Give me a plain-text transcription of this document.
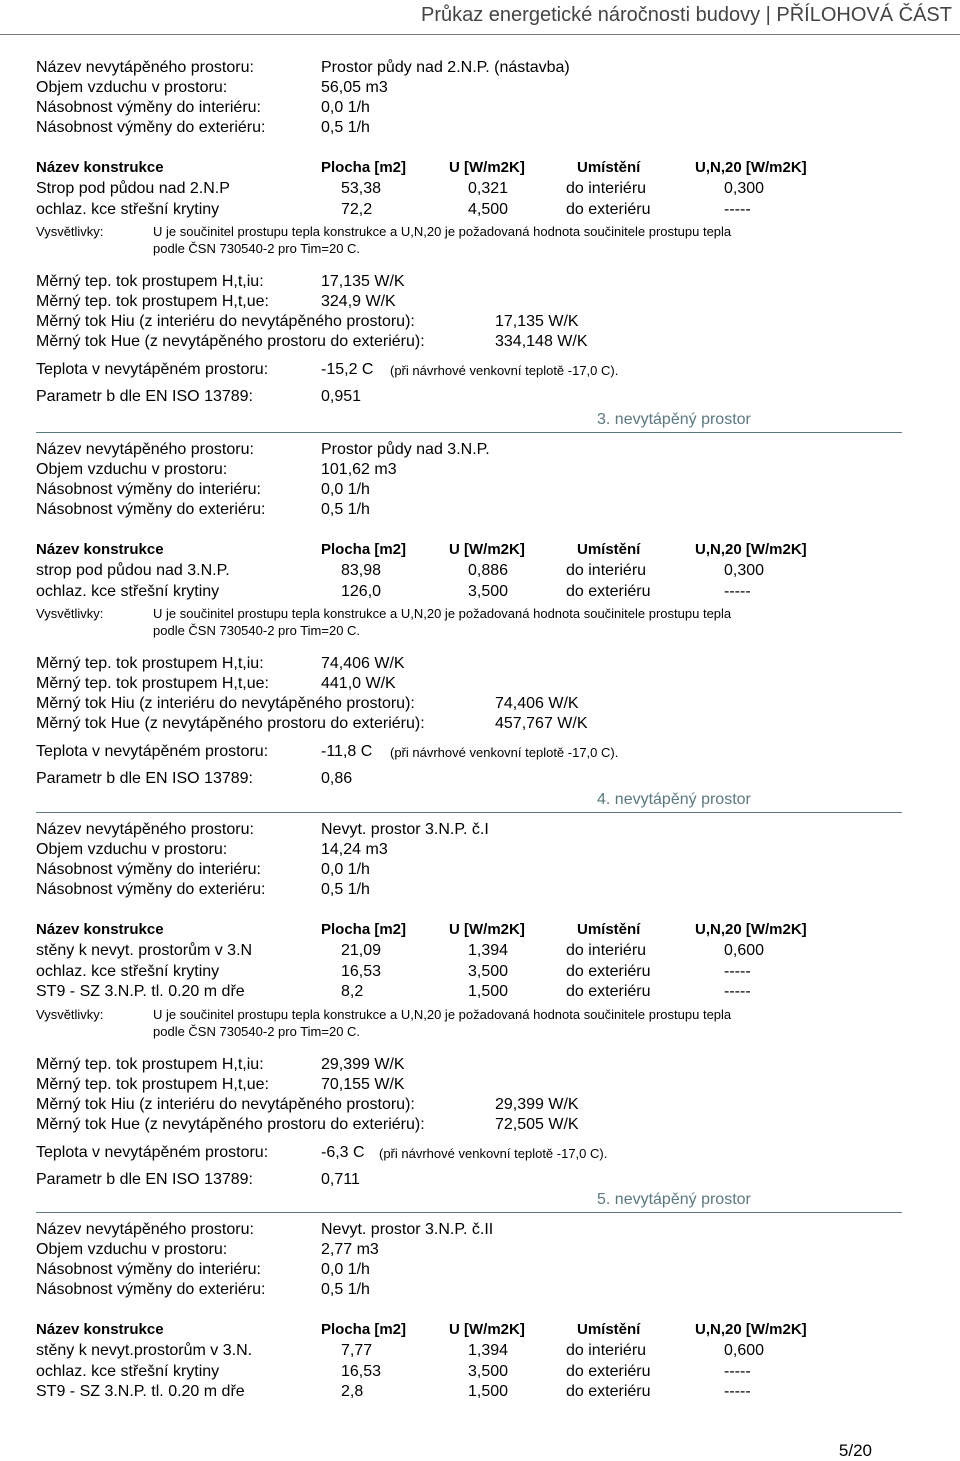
Průkaz energetické náročnosti budovy | PŘÍLOHOVÁ ČÁST
Název nevytápěného prostoru:	Prostor půdy nad 2.N.P. (nástavba)
Objem vzduchu v prostoru:	56,05 m3
Násobnost výměny do interiéru:	0,0 1/h
Násobnost výměny do exteriéru:	0,5 1/h
Název konstrukce	Plocha [m2]	U [W/m2K]	Umístění	U,N,20 [W/m2K]
Strop pod půdou nad 2.N.P	53,38	0,321	do interiéru	0,300
ochlaz. kce střešní krytiny	72,2	4,500	do exteriéru	-----
Vysvětlivky:	U je součinitel prostupu tepla konstrukce a U,N,20 je požadovaná hodnota součinitele prostupu tepla
podle ČSN 730540-2 pro Tim=20 C.
Měrný tep. tok prostupem H,t,iu:	17,135 W/K
Měrný tep. tok prostupem H,t,ue:	324,9 W/K
Měrný tok Hiu (z interiéru do nevytápěného prostoru):	17,135 W/K
Měrný tok Hue (z nevytápěného prostoru do exteriéru):	334,148 W/K
Teplota v nevytápěném prostoru:	-15,2 C (při návrhové venkovní teplotě -17,0 C).
Parametr b dle EN ISO 13789:	0,951
3. nevytápěný prostor
Název nevytápěného prostoru:	Prostor půdy nad 3.N.P.
Objem vzduchu v prostoru:	101,62 m3
Násobnost výměny do interiéru:	0,0 1/h
Násobnost výměny do exteriéru:	0,5 1/h
Název konstrukce	Plocha [m2]	U [W/m2K]	Umístění	U,N,20 [W/m2K]
strop pod půdou nad 3.N.P.	83,98	0,886	do interiéru	0,300
ochlaz. kce střešní krytiny	126,0	3,500	do exteriéru	-----
Vysvětlivky:	U je součinitel prostupu tepla konstrukce a U,N,20 je požadovaná hodnota součinitele prostupu tepla
podle ČSN 730540-2 pro Tim=20 C.
Měrný tep. tok prostupem H,t,iu:	74,406 W/K
Měrný tep. tok prostupem H,t,ue:	441,0 W/K
Měrný tok Hiu (z interiéru do nevytápěného prostoru):	74,406 W/K
Měrný tok Hue (z nevytápěného prostoru do exteriéru):	457,767 W/K
Teplota v nevytápěném prostoru:	-11,8 C (při návrhové venkovní teplotě -17,0 C).
Parametr b dle EN ISO 13789:	0,86
4. nevytápěný prostor
Název nevytápěného prostoru:	Nevyt. prostor 3.N.P. č.I
Objem vzduchu v prostoru:	14,24 m3
Násobnost výměny do interiéru:	0,0 1/h
Násobnost výměny do exteriéru:	0,5 1/h
Název konstrukce	Plocha [m2]	U [W/m2K]	Umístění	U,N,20 [W/m2K]
stěny k nevyt. prostorům v 3.N	21,09	1,394	do interiéru	0,600
ochlaz. kce střešní krytiny	16,53	3,500	do exteriéru	-----
ST9 - SZ 3.N.P. tl. 0.20 m dře	8,2	1,500	do exteriéru	-----
Vysvětlivky:	U je součinitel prostupu tepla konstrukce a U,N,20 je požadovaná hodnota součinitele prostupu tepla
podle ČSN 730540-2 pro Tim=20 C.
Měrný tep. tok prostupem H,t,iu:	29,399 W/K
Měrný tep. tok prostupem H,t,ue:	70,155 W/K
Měrný tok Hiu (z interiéru do nevytápěného prostoru):	29,399 W/K
Měrný tok Hue (z nevytápěného prostoru do exteriéru):	72,505 W/K
Teplota v nevytápěném prostoru:	-6,3 C (při návrhové venkovní teplotě -17,0 C).
Parametr b dle EN ISO 13789:	0,711
5. nevytápěný prostor
Název nevytápěného prostoru:	Nevyt. prostor 3.N.P. č.II
Objem vzduchu v prostoru:	2,77 m3
Násobnost výměny do interiéru:	0,0 1/h
Násobnost výměny do exteriéru:	0,5 1/h
Název konstrukce	Plocha [m2]	U [W/m2K]	Umístění	U,N,20 [W/m2K]
stěny k nevyt.prostorům v 3.N.	7,77	1,394	do interiéru	0,600
ochlaz. kce střešní krytiny	16,53	3,500	do exteriéru	-----
ST9 - SZ 3.N.P. tl. 0.20 m dře	2,8	1,500	do exteriéru	-----
5/20
